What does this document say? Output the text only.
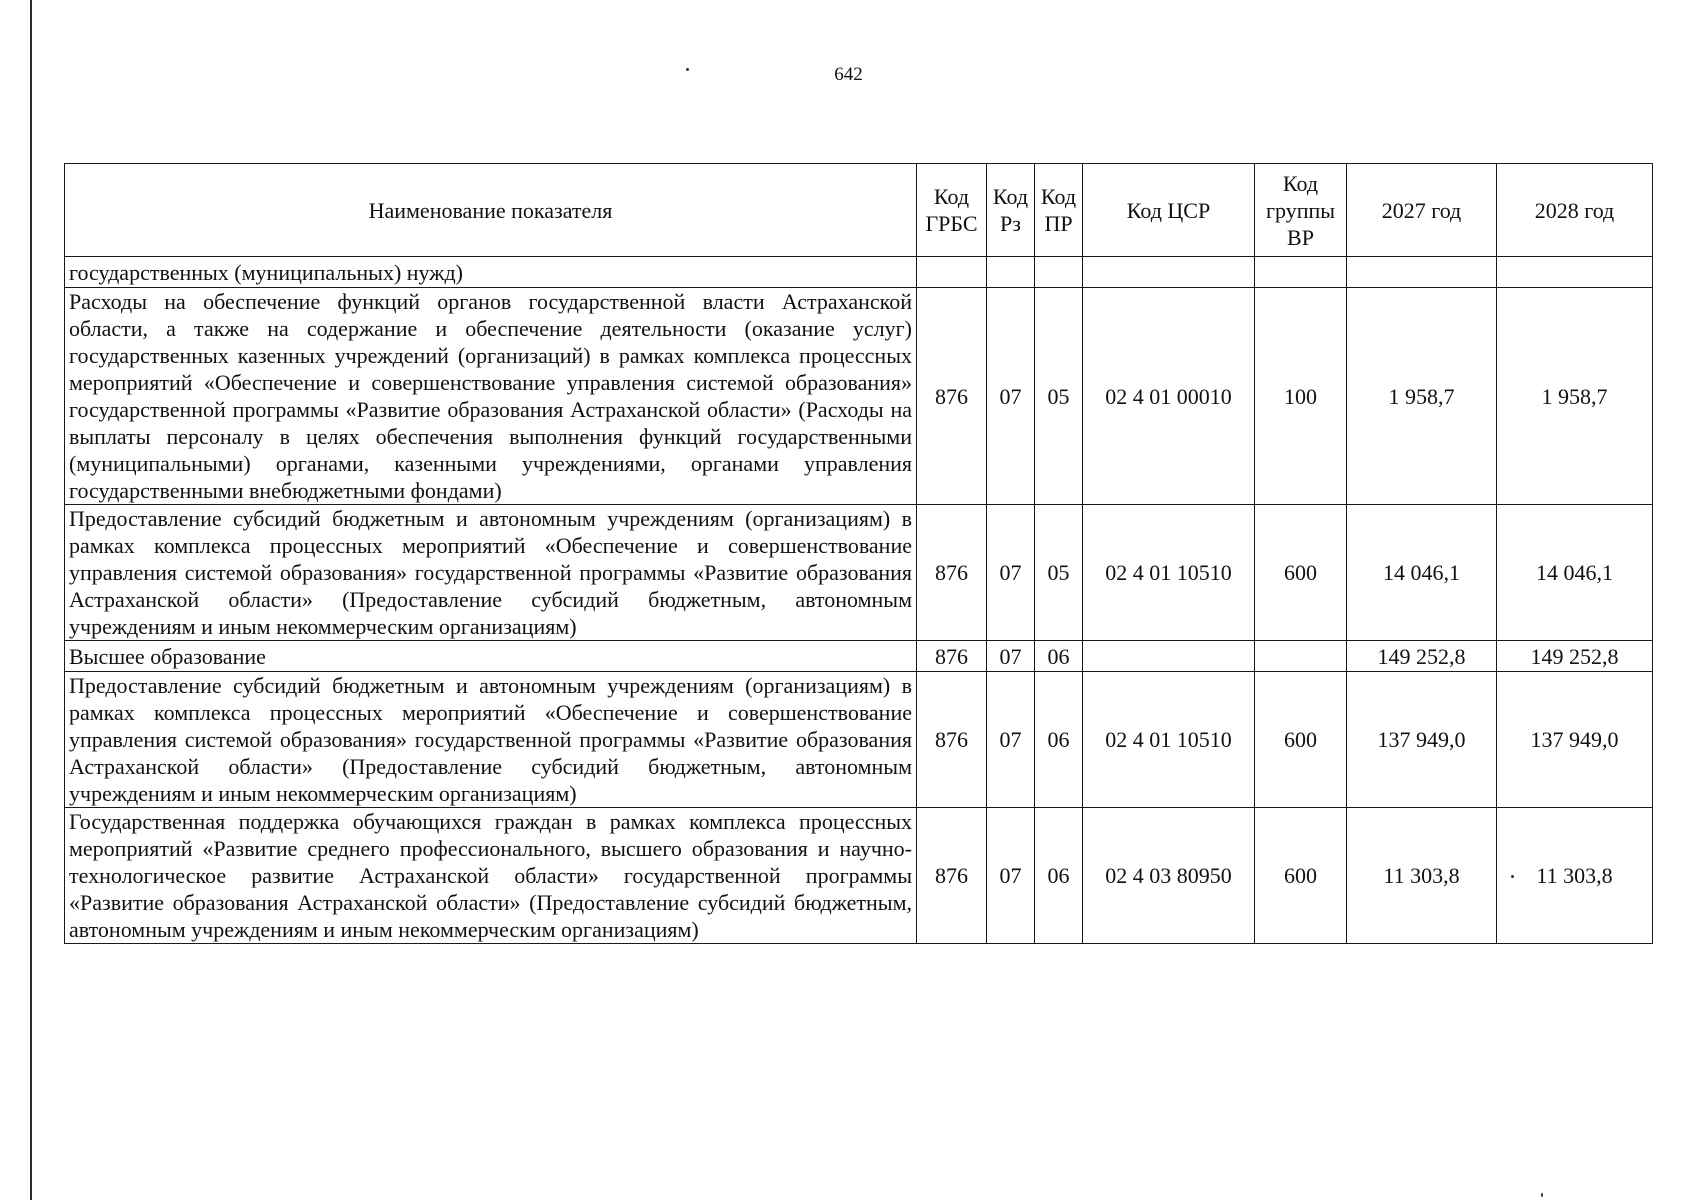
642
Наименование показателя	Код ГРБС	Код Рз	Код ПР	Код ЦСР	Код группы ВР	2027 год	2028 год
государственных (муниципальных) нужд)							
Расходы на обеспечение функций органов государственной власти Астраханской области, а также на содержание и обеспечение деятельности (оказание услуг) государственных казенных учреждений (организаций) в рамках комплекса процессных мероприятий «Обеспечение и совершенствование управления системой образования» государственной программы «Развитие образования Астраханской области» (Расходы на выплаты персоналу в целях обеспечения выполнения функций государственными (муниципальными) органами, казенными учреждениями, органами управления государственными внебюджетными фондами)	876	07	05	02 4 01 00010	100	1 958,7	1 958,7
Предоставление субсидий бюджетным и автономным учреждениям (организациям) в рамках комплекса процессных мероприятий «Обеспечение и совершенствование управления системой образования» государственной программы «Развитие образования Астраханской области» (Предоставление субсидий бюджетным, автономным учреждениям и иным некоммерческим организациям)	876	07	05	02 4 01 10510	600	14 046,1	14 046,1
Высшее образование	876	07	06			149 252,8	149 252,8
Предоставление субсидий бюджетным и автономным учреждениям (организациям) в рамках комплекса процессных мероприятий «Обеспечение и совершенствование управления системой образования» государственной программы «Развитие образования Астраханской области» (Предоставление субсидий бюджетным, автономным учреждениям и иным некоммерческим организациям)	876	07	06	02 4 01 10510	600	137 949,0	137 949,0
Государственная поддержка обучающихся граждан в рамках комплекса процессных мероприятий «Развитие среднего профессионального, высшего образования и научно-технологическое развитие Астраханской области» государственной программы «Развитие образования Астраханской области» (Предоставление субсидий бюджетным, автономным учреждениям и иным некоммерческим организациям)	876	07	06	02 4 03 80950	600	11 303,8	11 303,8
